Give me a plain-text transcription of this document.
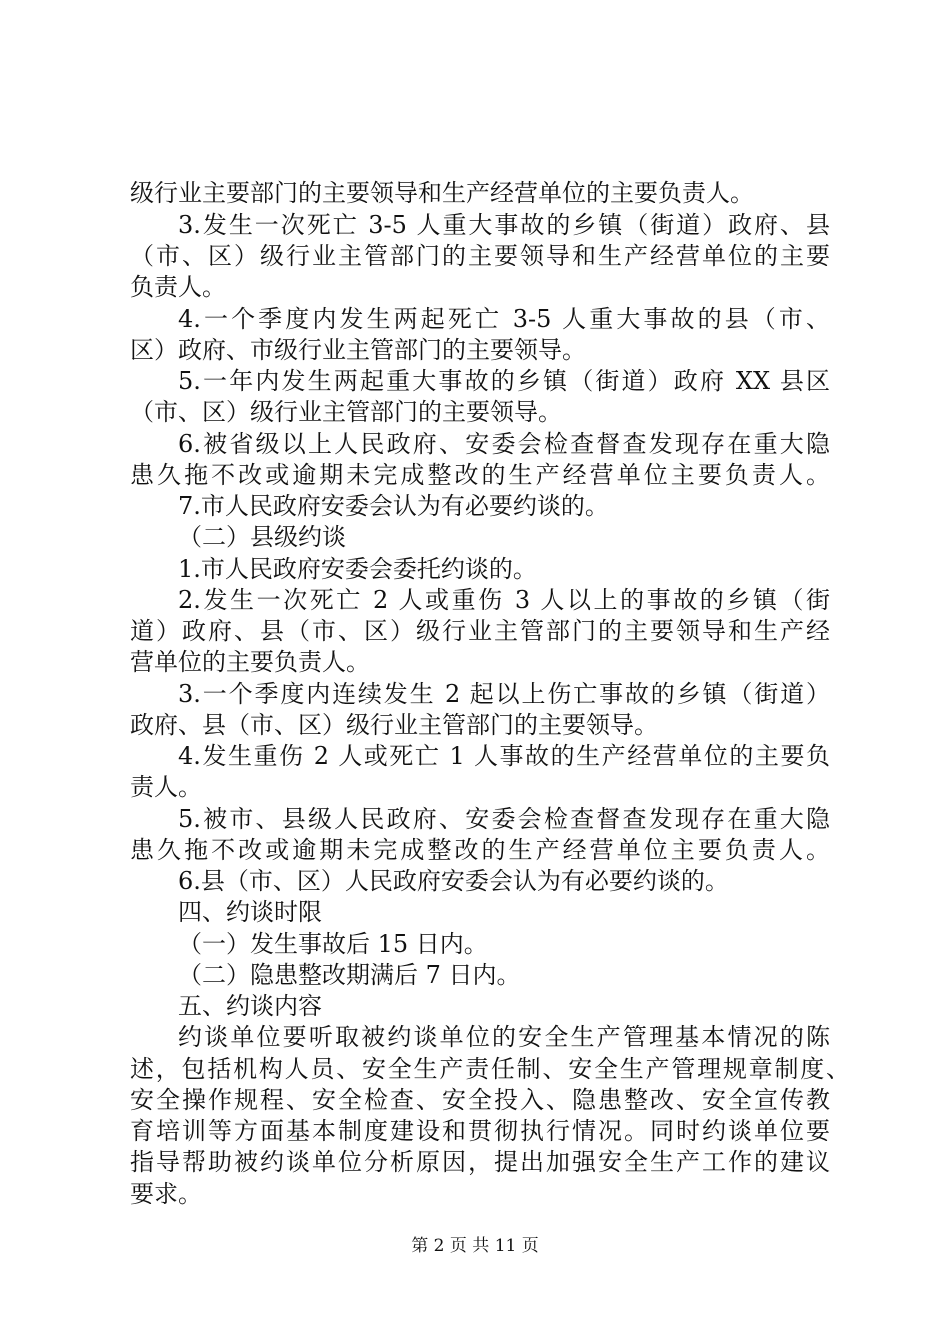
级行业主要部门的主要领导和生产经营单位的主要负责人。
3.发生一次死亡 3-5 人重大事故的乡镇（街道）政府、县
（市、区）级行业主管部门的主要领导和生产经营单位的主要
负责人。
4.一个季度内发生两起死亡 3-5 人重大事故的县（市、
区）政府、市级行业主管部门的主要领导。
5.一年内发生两起重大事故的乡镇（街道）政府 XX 县区
（市、区）级行业主管部门的主要领导。
6.被省级以上人民政府、安委会检查督查发现存在重大隐
患久拖不改或逾期未完成整改的生产经营单位主要负责人。
7.市人民政府安委会认为有必要约谈的。
（二）县级约谈
1.市人民政府安委会委托约谈的。
2.发生一次死亡 2 人或重伤 3 人以上的事故的乡镇（街
道）政府、县（市、区）级行业主管部门的主要领导和生产经
营单位的主要负责人。
3.一个季度内连续发生 2 起以上伤亡事故的乡镇（街道）
政府、县（市、区）级行业主管部门的主要领导。
4.发生重伤 2 人或死亡 1 人事故的生产经营单位的主要负
责人。
5.被市、县级人民政府、安委会检查督查发现存在重大隐
患久拖不改或逾期未完成整改的生产经营单位主要负责人。
6.县（市、区）人民政府安委会认为有必要约谈的。
四、约谈时限
（一）发生事故后 15 日内。
（二）隐患整改期满后 7 日内。
五、约谈内容
约谈单位要听取被约谈单位的安全生产管理基本情况的陈
述，包括机构人员、安全生产责任制、安全生产管理规章制度、
安全操作规程、安全检查、安全投入、隐患整改、安全宣传教
育培训等方面基本制度建设和贯彻执行情况。同时约谈单位要
指导帮助被约谈单位分析原因，提出加强安全生产工作的建议
要求。
第 2 页 共 11 页
